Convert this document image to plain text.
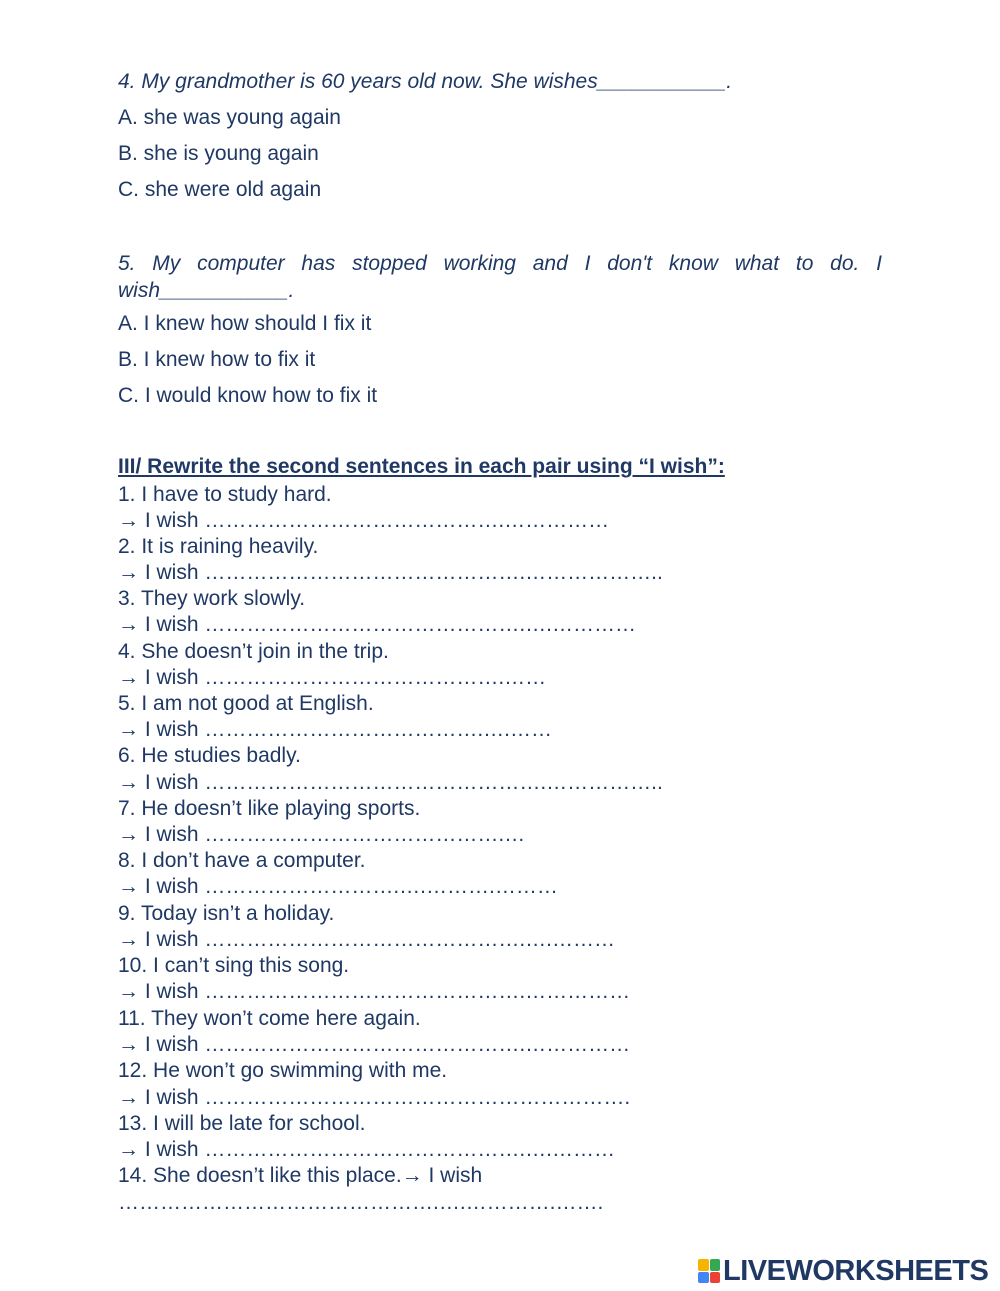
4. My grandmother is 60 years old now. She wishes___________.
A. she was young again
B. she is young again
C. she were old again
5. My computer has stopped working and I don't know what to do. I wish___________.
A. I knew how should I fix it
B. I knew how to fix it
C. I would know how to fix it
III/ Rewrite the second sentences in each pair using “I wish”:
1. I have to study hard.
→ I wish …………………………………….……………
2. It is raining heavily.
→ I wish ……………………………………….………………..
3. They work slowly.
→ I wish ……………………………………….….…………
4. She doesn’t join in the trip.
→ I wish …………………………………….……
5. I am not good at English.
→ I wish ………………………………….….……
6. He studies badly.
→ I wish ………………………………………….……………..
7. He doesn’t like playing sports.
→ I wish …………………………………….…
8. I don’t have a computer.
→ I wish ……………………….….……….………
9. Today isn’t a holiday.
→ I wish ……………………………………….….………
10. I can’t sing this song.
→ I wish ……………………………………….……………
11. They won’t come here again.
→ I wish ……………………………………….……………
12. He won’t go swimming with me.
→ I wish …………………………………………………….
13. I will be late for school.
→ I wish ……………………………………….….………
14. She doesn’t like this place.→ I wish
……………………………………….….………….…….
LIVEWORKSHEETS
